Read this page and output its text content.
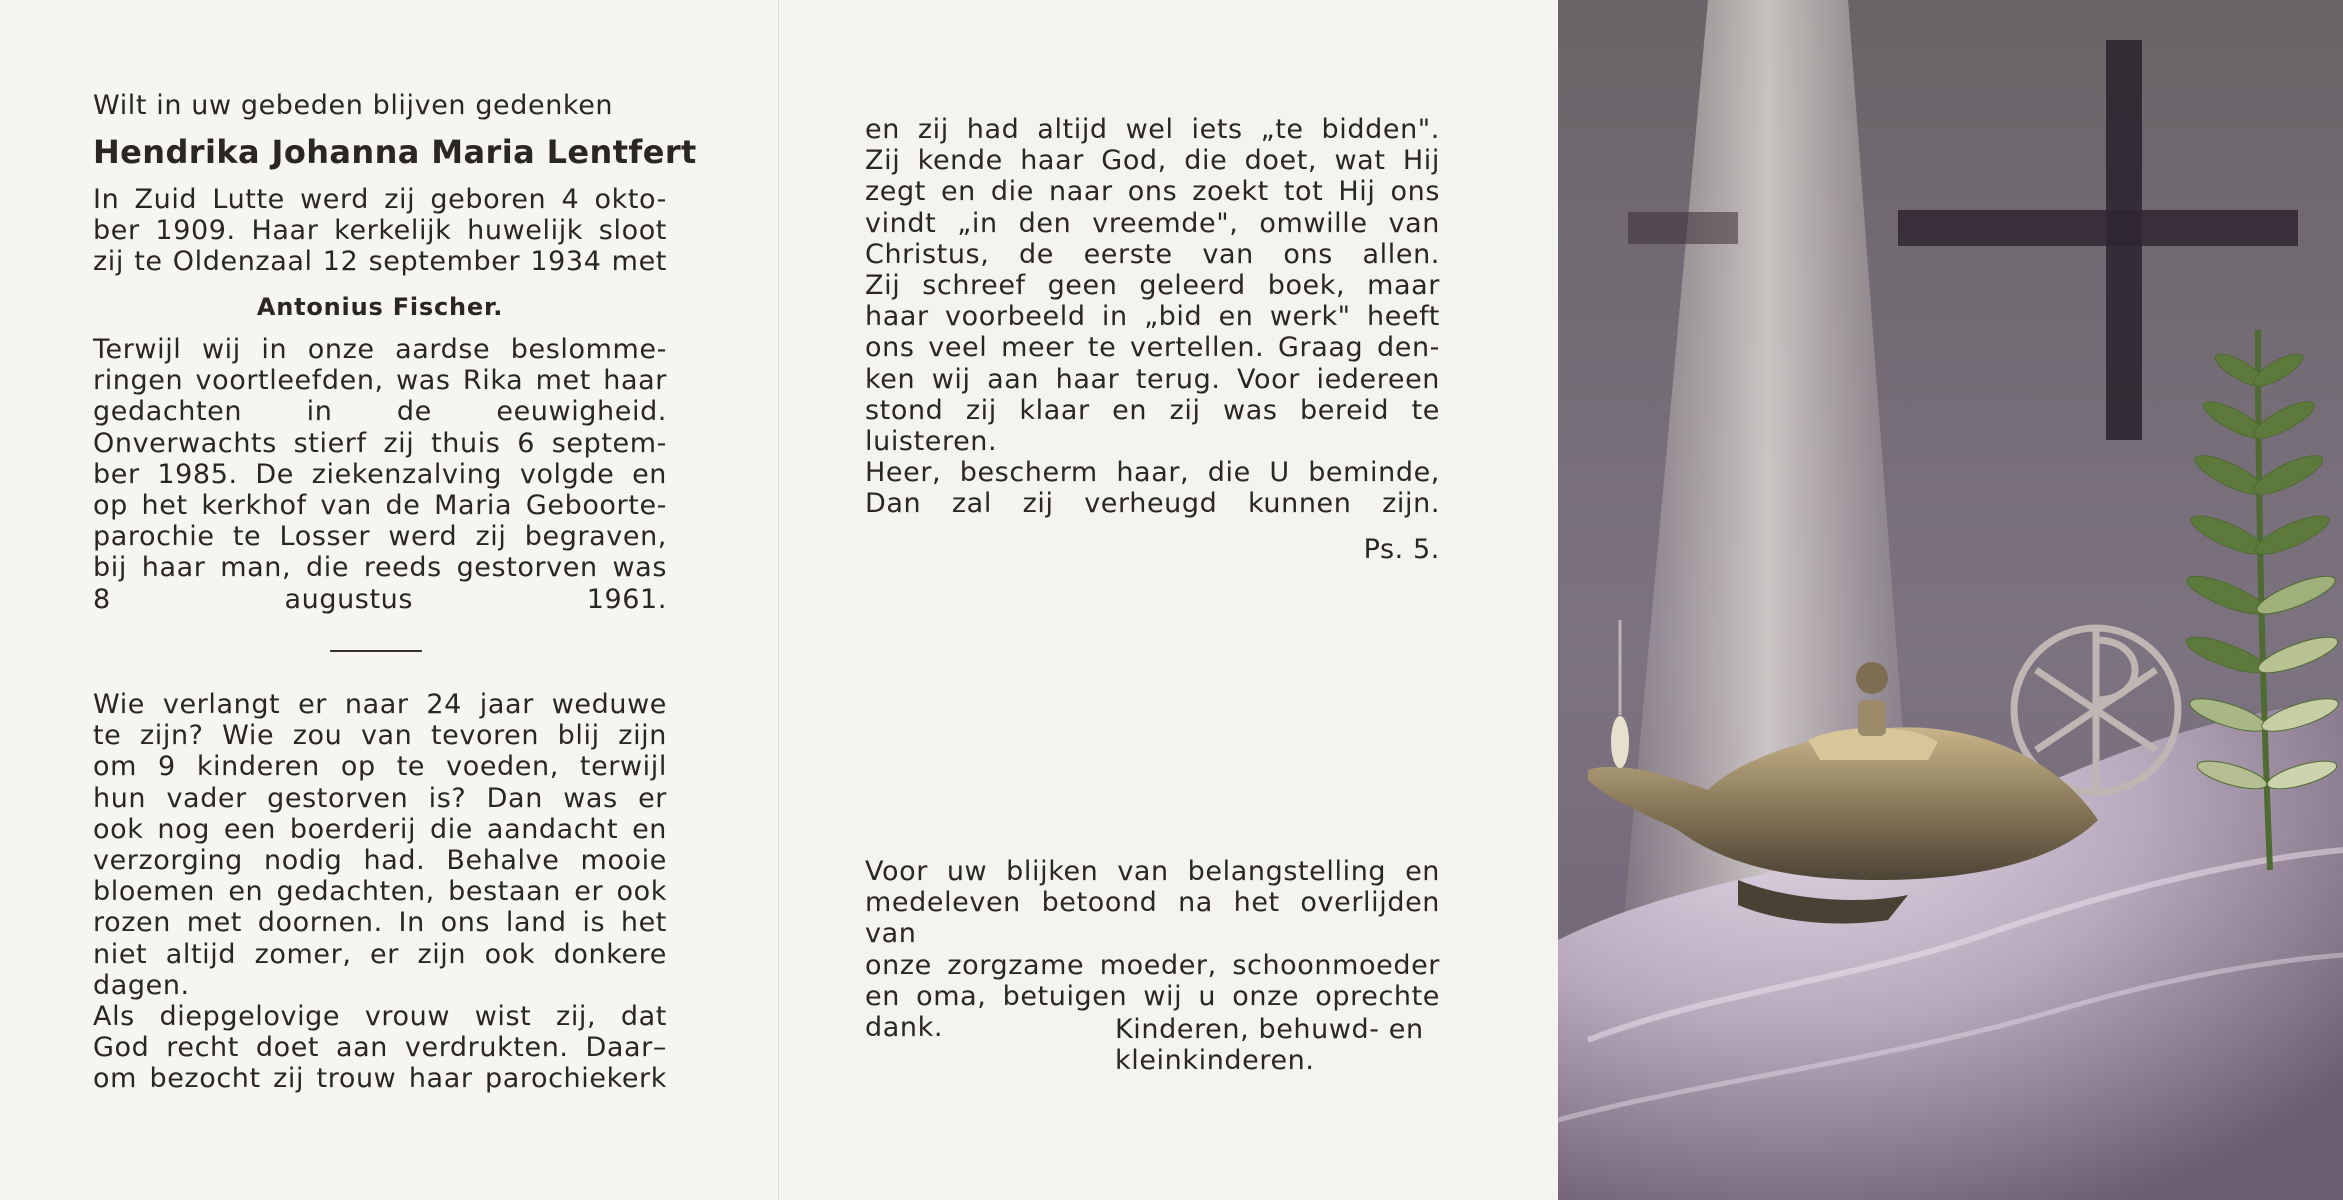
Wilt in uw gebeden blijven gedenken

Hendrika Johanna Maria Lentfert

In Zuid Lutte werd zij geboren 4 okto-
ber 1909. Haar kerkelijk huwelijk sloot
zij te Oldenzaal 12 september 1934 met

Antonius Fischer.

Terwijl wij in onze aardse beslomme-
ringen voortleefden, was Rika met haar
gedachten in de eeuwigheid.
Onverwachts stierf zij thuis 6 septem-
ber 1985. De ziekenzalving volgde en
op het kerkhof van de Maria Geboorte-
parochie te Losser werd zij begraven,
bij haar man, die reeds gestorven was
8 augustus 1961.

Wie verlangt er naar 24 jaar weduwe
te zijn? Wie zou van tevoren blij zijn
om 9 kinderen op te voeden, terwijl
hun vader gestorven is? Dan was er
ook nog een boerderij die aandacht en
verzorging nodig had. Behalve mooie
bloemen en gedachten, bestaan er ook
rozen met doornen. In ons land is het
niet altijd zomer, er zijn ook donkere
dagen.
Als diepgelovige vrouw wist zij, dat
God recht doet aan verdrukten. Daar–
om bezocht zij trouw haar parochiekerk

en zij had altijd wel iets „te bidden".
Zij kende haar God, die doet, wat Hij
zegt en die naar ons zoekt tot Hij ons
vindt „in den vreemde", omwille van
Christus, de eerste van ons allen.
Zij schreef geen geleerd boek, maar
haar voorbeeld in „bid en werk" heeft
ons veel meer te vertellen. Graag den-
ken wij aan haar terug. Voor iedereen
stond zij klaar en zij was bereid te
luisteren.
Heer, bescherm haar, die U beminde,
Dan zal zij verheugd kunnen zijn.

Ps. 5.

Voor uw blijken van belangstelling en
medeleven betoond na het overlijden van
onze zorgzame moeder, schoonmoeder
en oma, betuigen wij u onze oprechte
dank.	Kinderen, behuwd- en
kleinkinderen.
